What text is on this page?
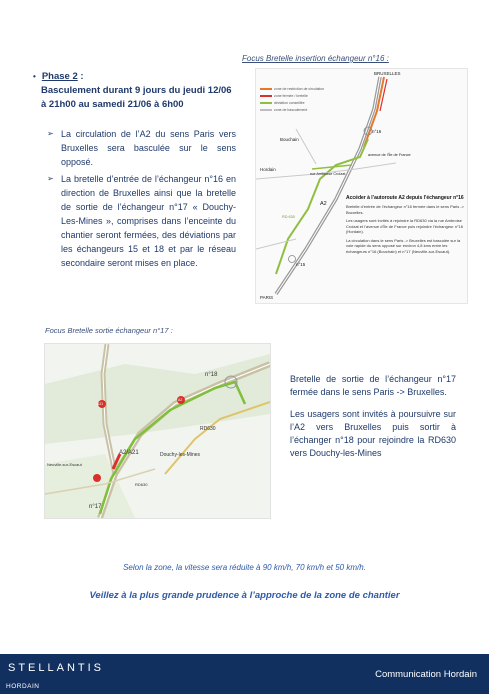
• Phase 2 :
Basculement durant 9 jours du jeudi 12/06 à 21h00 au samedi 21/06 à 6h00
➢ La circulation de l’A2 du sens Paris vers Bruxelles sera basculée sur le sens opposé.
➢ La bretelle d’entrée de l’échangeur n°16 en direction de Bruxelles ainsi que la bretelle de sortie de l’échangeur n°17 « Douchy-Les-Mines », comprises dans l’enceinte du chantier seront fermées, des déviations par les échangeurs 15 et 18 et par le réseau secondaire seront mises en place.
Focus Bretelle insertion échangeur n°16 :
zone de restriction de circulation
zone fermée / bretelle
déviation conseillée
zone de basculement
BRUXELLES
n°16
Bouchain
Hordain
avenue de l’Île de France
rue Ambroise Croizat
A2
RD 630
n°15
PARIS
Accéder à l’autoroute A2 depuis l’échangeur n°16

Bretelle d’entrée de l’échangeur n°16 fermée dans le sens Paris -> Bruxelles.

Les usagers sont invités à rejoindre la RD630 via la rue Ambroise Croizat et l’avenue d’Île de France puis rejoindre l’échangeur n°16 (Hordain).

La circulation dans le sens Paris -> Bruxelles est basculée sur la voie rapide du sens opposé sur environ 4,8 kms entre les échangeurs n°16 (Bouchain) et n°17 (Neuville-sur-Escaut).

Focus Bretelle sortie échangeur n°17 :
n°18
A21
A2
A2/A21
RD630
Douchy-les-Mines
Neuville-sur-Escaut
RD630
n°17
Bretelle de sortie de l’échangeur n°17 fermée dans le sens Paris -> Bruxelles.
Les usagers sont invités à poursuivre sur l’A2 vers Bruxelles puis sortir à l’échanger n°18 pour rejoindre la RD630 vers Douchy-les-Mines
Selon la zone, la vitesse sera réduite à 90 km/h, 70 km/h et 50 km/h.
Veillez à la plus grande prudence à l’approche de la zone de chantier
STELLANTIS
HORDAIN
Communication Hordain
